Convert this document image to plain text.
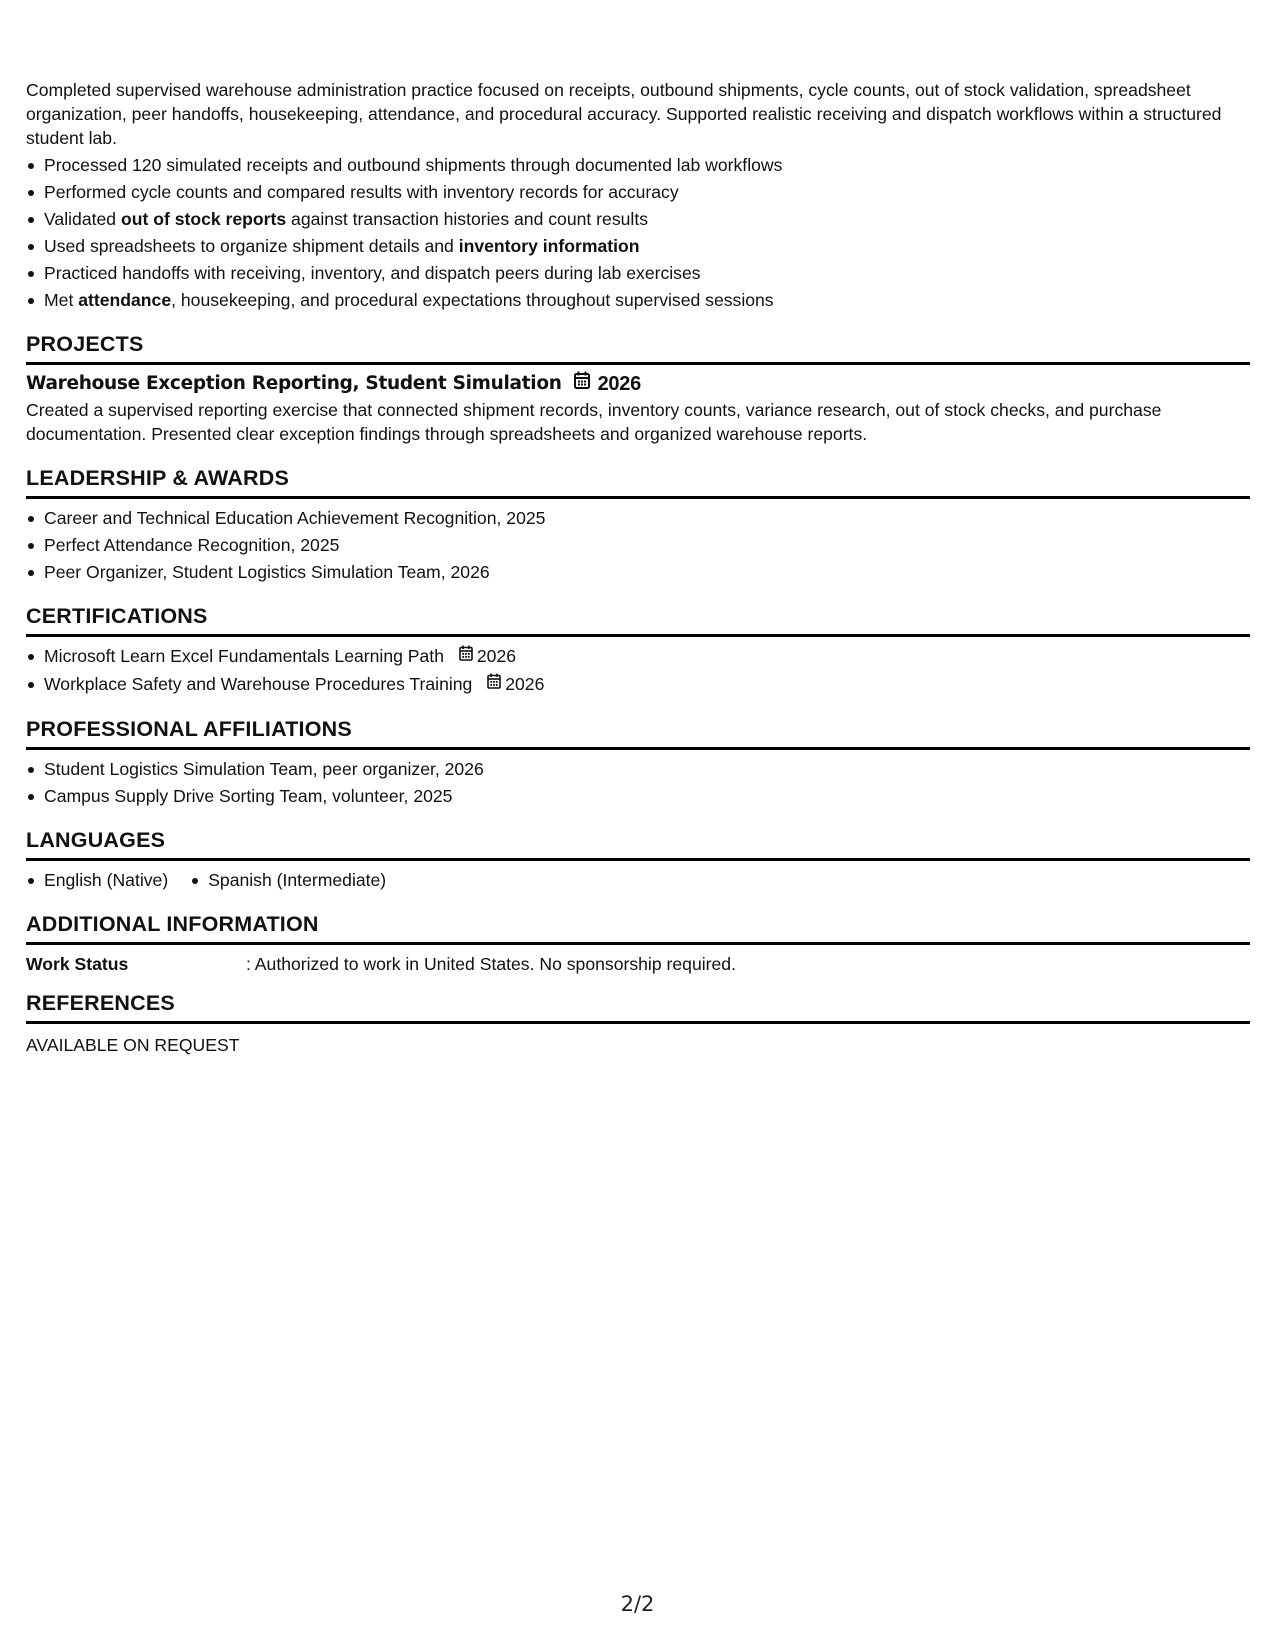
Completed supervised warehouse administration practice focused on receipts, outbound shipments, cycle counts, out of stock validation, spreadsheet organization, peer handoffs, housekeeping, attendance, and procedural accuracy. Supported realistic receiving and dispatch workflows within a structured student lab.

Processed 120 simulated receipts and outbound shipments through documented lab workflows
Performed cycle counts and compared results with inventory records for accuracy
Validated out of stock reports against transaction histories and count results
Used spreadsheets to organize shipment details and inventory information
Practiced handoffs with receiving, inventory, and dispatch peers during lab exercises
Met attendance, housekeeping, and procedural expectations throughout supervised sessions
PROJECTS
Warehouse Exception Reporting, Student Simulation 2026

Created a supervised reporting exercise that connected shipment records, inventory counts, variance research, out of stock checks, and purchase documentation. Presented clear exception findings through spreadsheets and organized warehouse reports.

LEADERSHIP & AWARDS
Career and Technical Education Achievement Recognition, 2025
Perfect Attendance Recognition, 2025
Peer Organizer, Student Logistics Simulation Team, 2026
CERTIFICATIONS
Microsoft Learn Excel Fundamentals Learning Path 2026
Workplace Safety and Warehouse Procedures Training 2026
PROFESSIONAL AFFILIATIONS
Student Logistics Simulation Team, peer organizer, 2026
Campus Supply Drive Sorting Team, volunteer, 2025
LANGUAGES
English (Native)	Spanish (Intermediate)
ADDITIONAL INFORMATION
Work Status	: Authorized to work in United States. No sponsorship required.
REFERENCES
AVAILABLE ON REQUEST
2/2
